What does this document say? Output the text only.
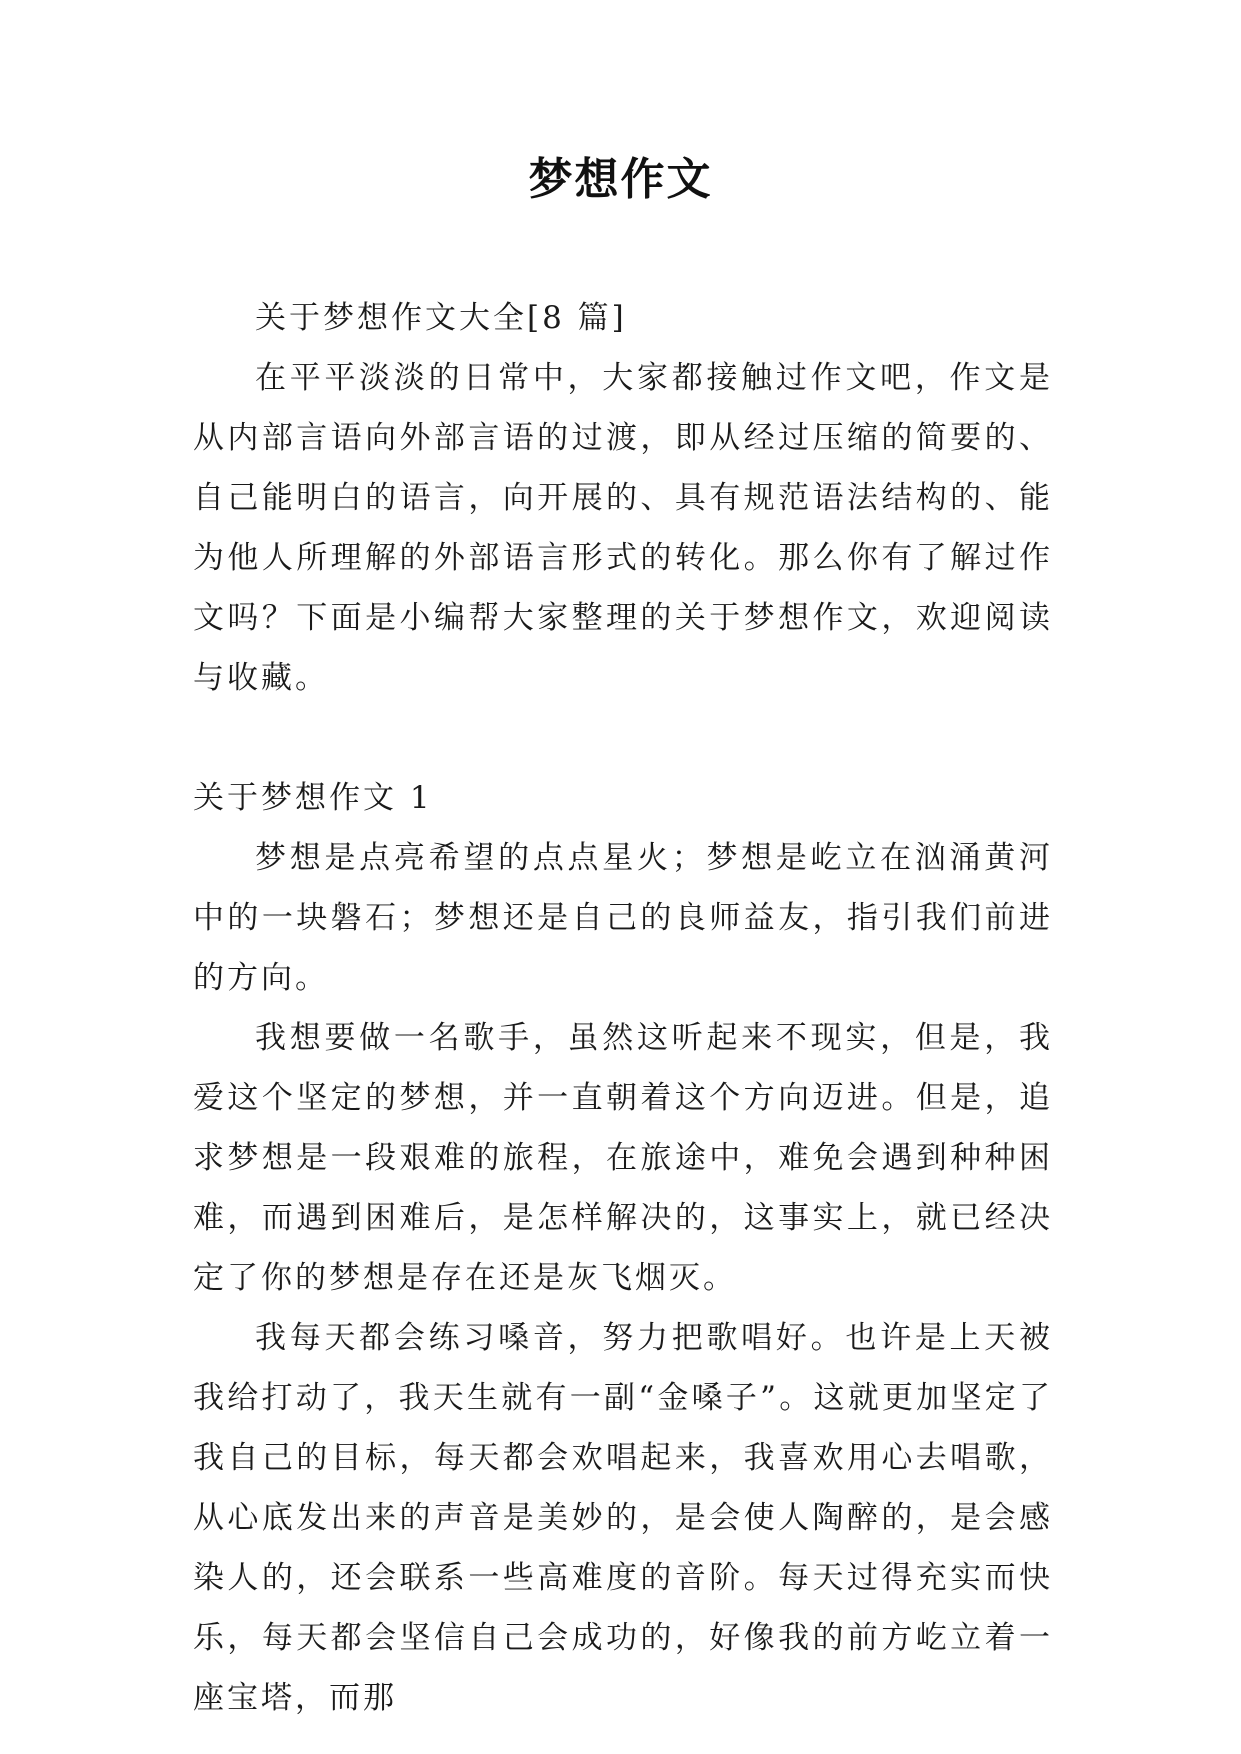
梦想作文

关于梦想作文大全[8 篇]

在平平淡淡的日常中，大家都接触过作文吧，作文是从内部言语向外部言语的过渡，即从经过压缩的简要的、自己能明白的语言，向开展的、具有规范语法结构的、能为他人所理解的外部语言形式的转化。那么你有了解过作文吗？下面是小编帮大家整理的关于梦想作文，欢迎阅读与收藏。

关于梦想作文 1

梦想是点亮希望的点点星火；梦想是屹立在汹涌黄河中的一块磐石；梦想还是自己的良师益友，指引我们前进的方向。

我想要做一名歌手，虽然这听起来不现实，但是，我爱这个坚定的梦想，并一直朝着这个方向迈进。但是，追求梦想是一段艰难的旅程，在旅途中，难免会遇到种种困难，而遇到困难后，是怎样解决的，这事实上，就已经决定了你的梦想是存在还是灰飞烟灭。

我每天都会练习嗓音，努力把歌唱好。也许是上天被我给打动了，我天生就有一副“金嗓子”。这就更加坚定了我自己的目标，每天都会欢唱起来，我喜欢用心去唱歌，从心底发出来的声音是美妙的，是会使人陶醉的，是会感染人的，还会联系一些高难度的音阶。每天过得充实而快乐，每天都会坚信自己会成功的，好像我的前方屹立着一座宝塔，而那
